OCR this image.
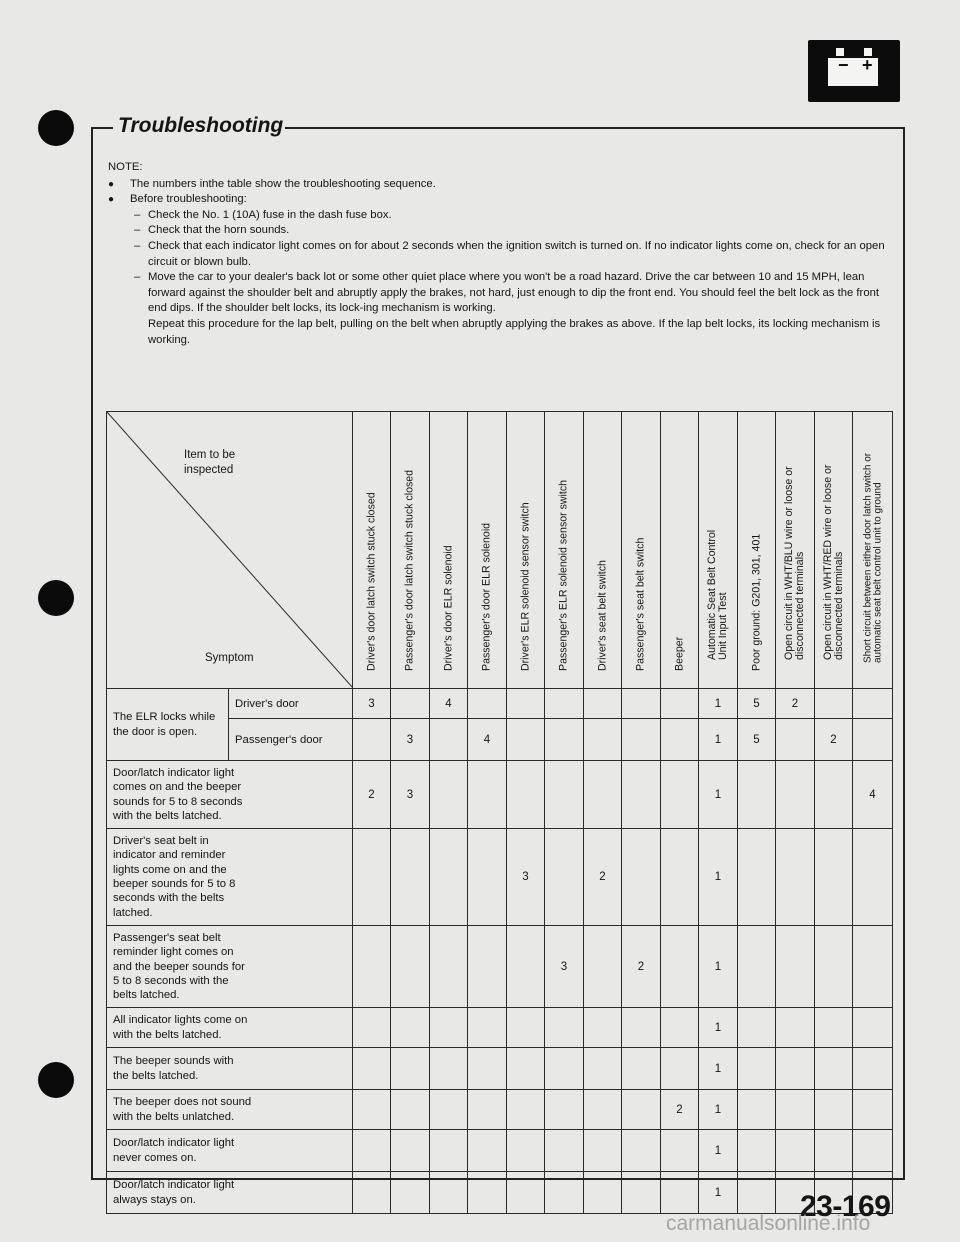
− +
Troubleshooting
NOTE:
● The numbers inthe table show the troubleshooting sequence.
● Before troubleshooting:
– Check the No. 1 (10A) fuse in the dash fuse box.
– Check that the horn sounds.
– Check that each indicator light comes on for about 2 seconds when the ignition switch is turned on. If no indicator lights come on, check for an open circuit or blown bulb.
– Move the car to your dealer's back lot or some other quiet place where you won't be a road hazard. Drive the car between 10 and 15 MPH, lean forward against the shoulder belt and abruptly apply the brakes, not hard, just enough to dip the front end. You should feel the belt lock as the front end dips. If the shoulder belt locks, its lock-ing mechanism is working.
Repeat this procedure for the lap belt, pulling on the belt when abruptly applying the brakes as above. If the lap belt locks, its locking mechanism is working.
Item to be inspected
Symptom		Driver's door latch switch stuck closed	Passenger's door latch switch stuck closed	Driver's door ELR solenoid	Passenger's door ELR solenoid	Driver's ELR solenoid sensor switch	Passenger's ELR solenoid sensor switch	Driver's seat belt switch	Passenger's seat belt switch	Beeper	Automatic Seat Belt Control Unit Input Test	Poor ground: G201, 301, 401	Open circuit in WHT/BLU wire or loose or disconnected terminals	Open circuit in WHT/RED wire or loose or disconnected terminals	Short circuit between either door latch switch or automatic seat belt control unit to ground

The ELR locks while the door is open.	Driver's door	3		4							1	5	2		
	Passenger's door		3		4						1	5		2	
Door/latch indicator light comes on and the beeper sounds for 5 to 8 seconds with the belts latched.		2	3								1				4
Driver's seat belt in indicator and reminder lights come on and the beeper sounds for 5 to 8 seconds with the belts latched.						3		2			1				
Passenger's seat belt reminder light comes on and the beeper sounds for 5 to 8 seconds with the belts latched.							3		2		1				
All indicator lights come on with the belts latched.											1				
The beeper sounds with the belts latched.											1				
The beeper does not sound with the belts unlatched.										2	1				
Door/latch indicator light never comes on.											1				
Door/latch indicator light always stays on.											1					23-169
carmanualsonline.info
